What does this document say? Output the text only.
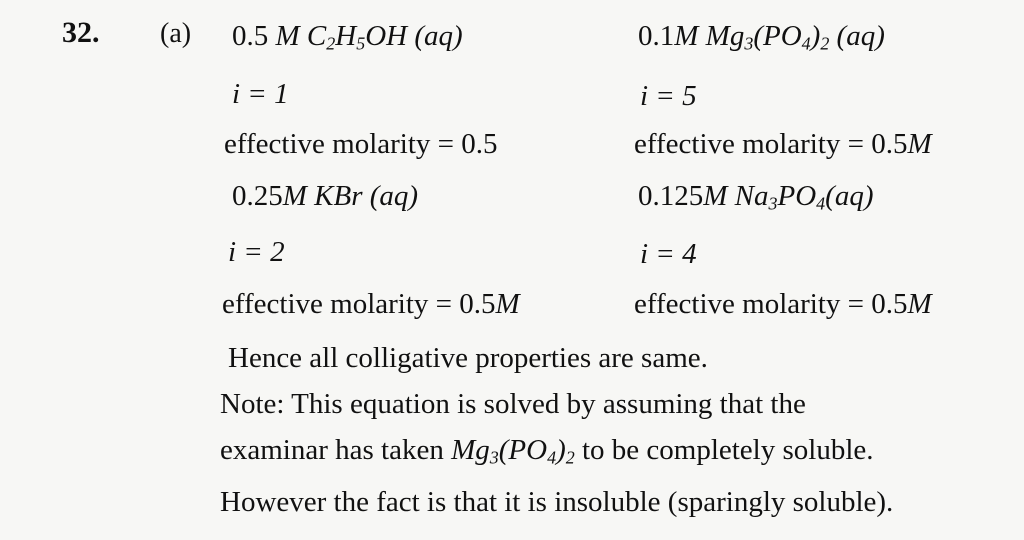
32. (a) 0.5 M $C_2H_5OH$ (aq)
i = 1
effective molarity = 0.5
0.25M KBr (aq)
i = 2
effective molarity = 0.5M
0.1M $Mg_3(PO_4)_2$ (aq)
i = 5
effective molarity = 0.5M
0.125M $Na_3PO_4(aq)$
i = 4
effective molarity = 0.5M
Hence all colligative properties are same.
Note: This equation is solved by assuming that the
examinar has taken $Mg_3(PO_4)_2$ to be completely soluble.
However the fact is that it is insoluble (sparingly soluble).
